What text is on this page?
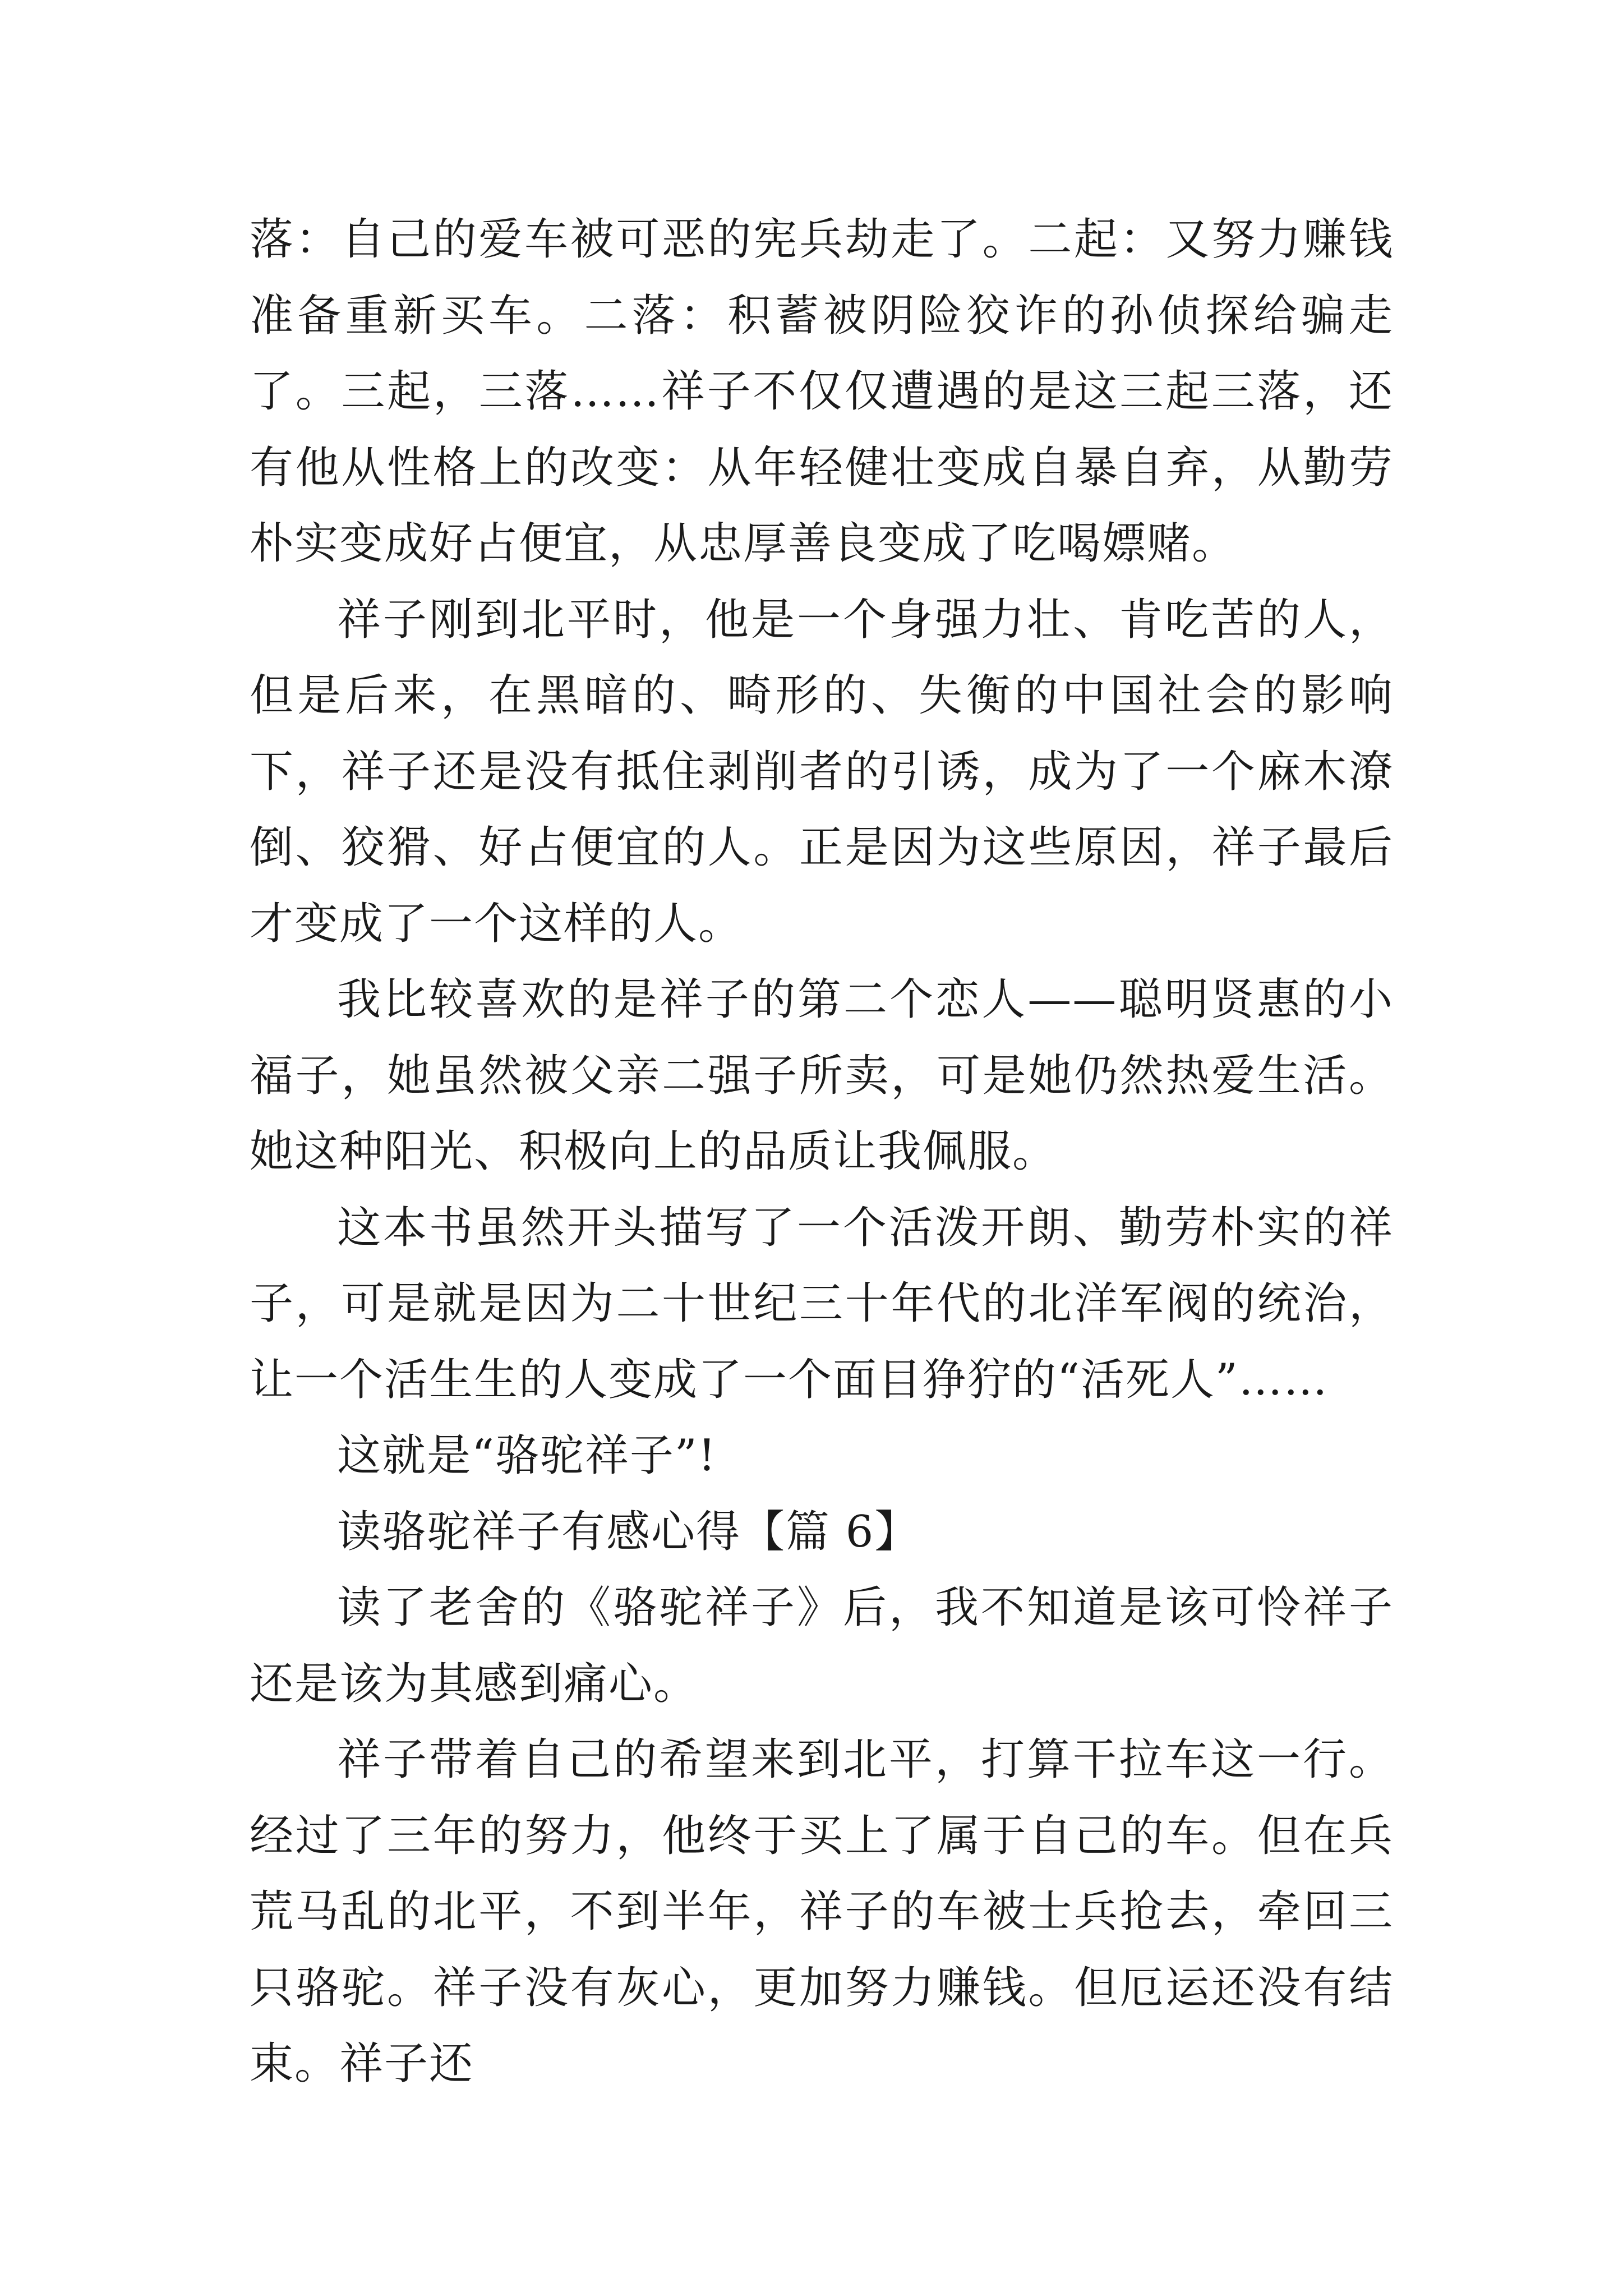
落：自己的爱车被可恶的宪兵劫走了。二起：又努力赚钱准备重新买车。二落：积蓄被阴险狡诈的孙侦探给骗走了。三起，三落……祥子不仅仅遭遇的是这三起三落，还有他从性格上的改变：从年轻健壮变成自暴自弃，从勤劳朴实变成好占便宜，从忠厚善良变成了吃喝嫖赌。

祥子刚到北平时，他是一个身强力壮、肯吃苦的人，但是后来，在黑暗的、畸形的、失衡的中国社会的影响下，祥子还是没有抵住剥削者的引诱，成为了一个麻木潦倒、狡猾、好占便宜的人。正是因为这些原因，祥子最后才变成了一个这样的人。

我比较喜欢的是祥子的第二个恋人——聪明贤惠的小福子，她虽然被父亲二强子所卖，可是她仍然热爱生活。她这种阳光、积极向上的品质让我佩服。

这本书虽然开头描写了一个活泼开朗、勤劳朴实的祥子，可是就是因为二十世纪三十年代的北洋军阀的统治，让一个活生生的人变成了一个面目狰狞的“活死人”……

这就是“骆驼祥子”!

读骆驼祥子有感心得【篇 6】

读了老舍的《骆驼祥子》后，我不知道是该可怜祥子还是该为其感到痛心。

祥子带着自己的希望来到北平，打算干拉车这一行。经过了三年的努力，他终于买上了属于自己的车。但在兵荒马乱的北平，不到半年，祥子的车被士兵抢去，牵回三只骆驼。祥子没有灰心，更加努力赚钱。但厄运还没有结束。祥子还
